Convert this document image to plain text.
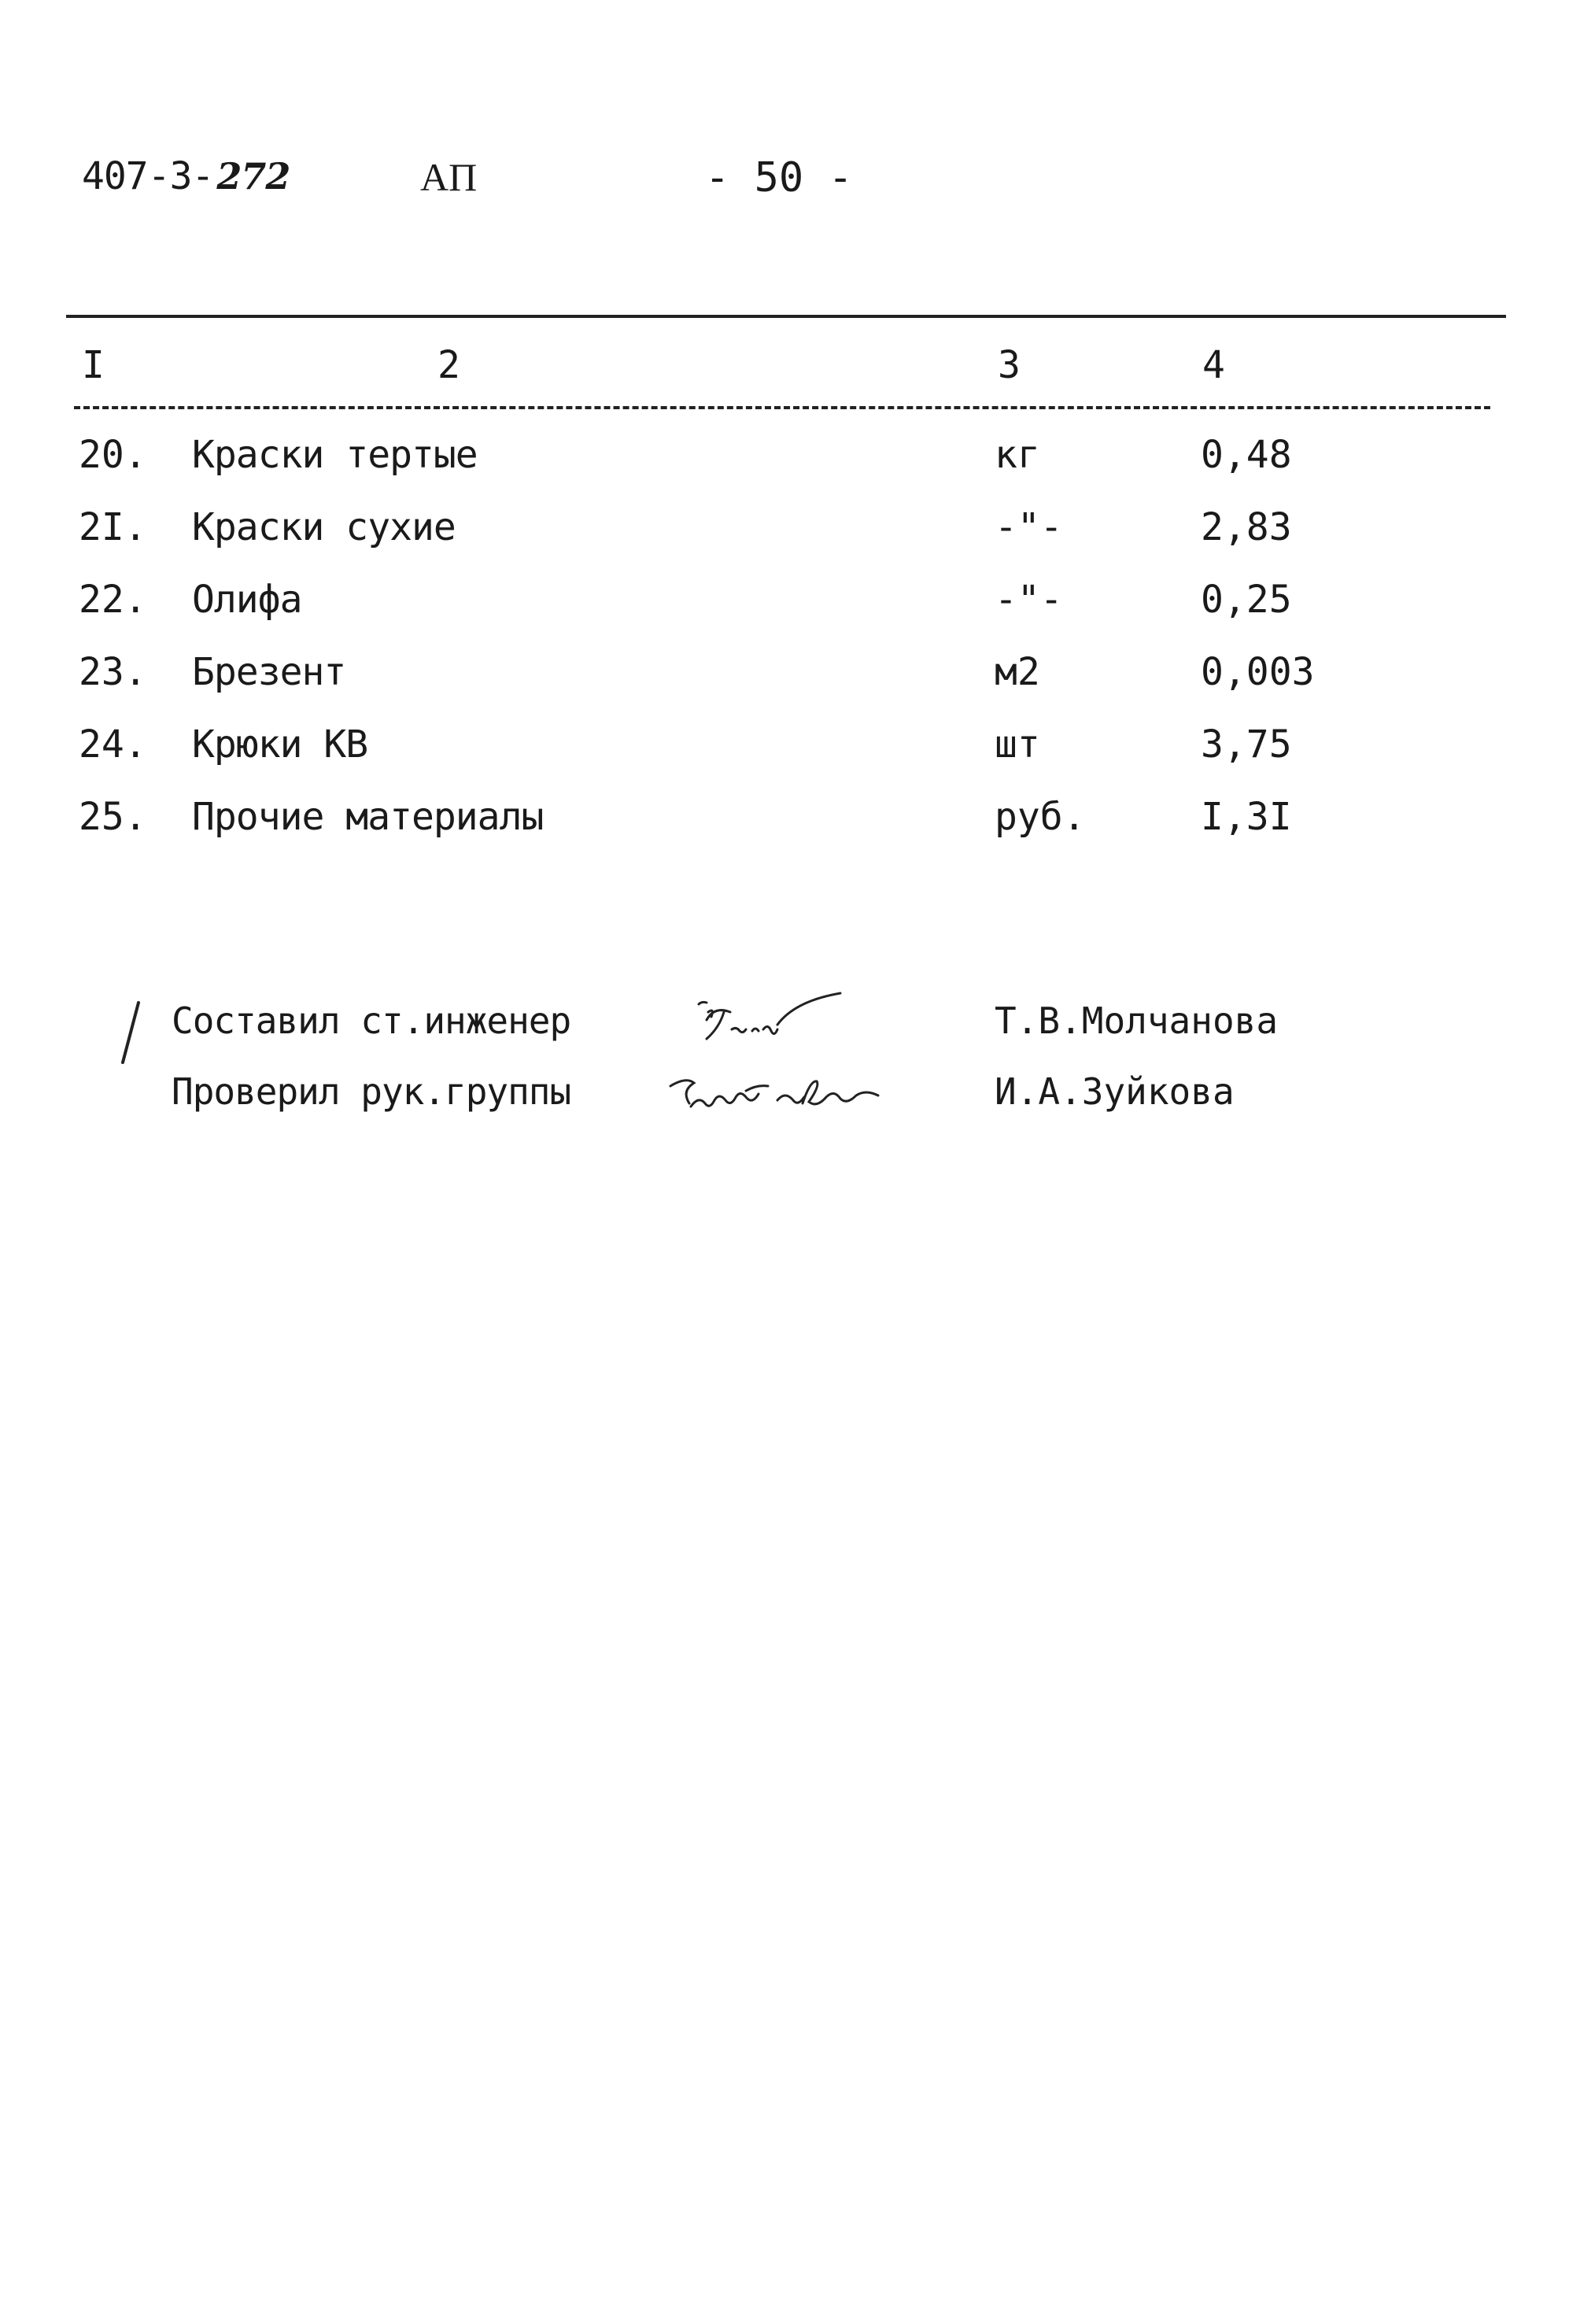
407-3-272	АП	- 50 -
I	2	3	4
20. Краски тертые	кг	0,48
2I. Краски сухие	-"-	2,83
22. Олифа	-"-	0,25
23. Брезент	м2	0,003
24. Крюки КВ	шт	3,75
25. Прочие материалы	руб.	I,3I
Составил ст.инженер	Т.В.Молчанова
Проверил рук.группы	И.А.Зуйкова
